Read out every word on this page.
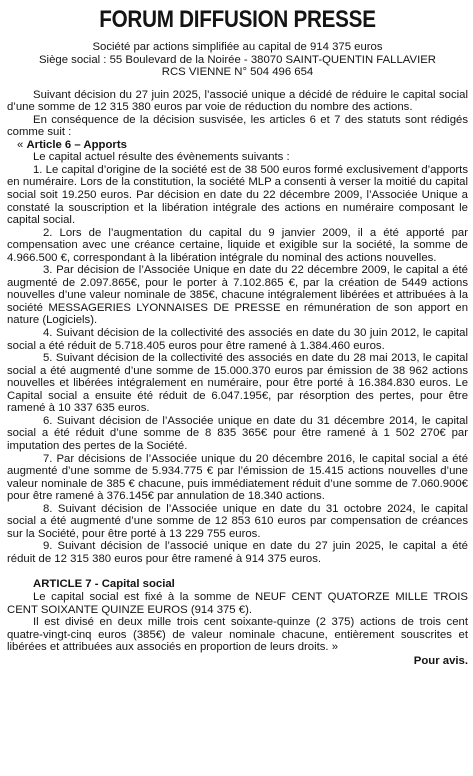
FORUM DIFFUSION PRESSE
Société par actions simplifiée au capital de 914 375 euros
Siège social : 55 Boulevard de la Noirée - 38070 SAINT-QUENTIN FALLAVIER
RCS VIENNE N° 504 496 654

Suivant décision du 27 juin 2025, l’associé unique a décidé de réduire le capital social d’une somme de 12 315 380 euros par voie de réduction du nombre des actions.

En conséquence de la décision susvisée, les articles 6 et 7 des statuts sont rédigés comme suit :

« Article 6 – Apports

Le capital actuel résulte des évènements suivants :

1. Le capital d’origine de la société est de 38 500 euros formé exclusivement d’apports en numéraire. Lors de la constitution, la société MLP a consenti à verser la moitié du capital social soit 19.250 euros. Par décision en date du 22 décembre 2009, l’Associée Unique a constaté la souscription et la libération intégrale des actions en numéraire composant le capital social.

2. Lors de l’augmentation du capital du 9 janvier 2009, il a été apporté par compensation avec une créance certaine, liquide et exigible sur la société, la somme de 4.966.500 €, correspondant à la libération intégrale du nominal des actions nouvelles.

3. Par décision de l’Associée Unique en date du 22 décembre 2009, le capital a été augmenté de 2.097.865€, pour le porter à 7.102.865 €, par la création de 5449 actions nouvelles d’une valeur nominale de 385€, chacune intégralement libérées et attribuées à la société MESSAGERIES LYONNAISES DE PRESSE en rémunération de son apport en nature (Logiciels).

4. Suivant décision de la collectivité des associés en date du 30 juin 2012, le capital social a été réduit de 5.718.405 euros pour être ramené à 1.384.460 euros.

5. Suivant décision de la collectivité des associés en date du 28 mai 2013, le capital social a été augmenté d’une somme de 15.000.370 euros par émission de 38 962 actions nouvelles et libérées intégralement en numéraire, pour être porté à 16.384.830 euros. Le Capital social a ensuite été réduit de 6.047.195€, par résorption des pertes, pour être ramené à 10 337 635 euros.

6. Suivant décision de l’Associée unique en date du 31 décembre 2014, le capital social a été réduit d’une somme de 8 835 365€ pour être ramené à 1 502 270€ par imputation des pertes de la Société.

7. Par décisions de l’Associée unique du 20 décembre 2016, le capital social a été augmenté d’une somme de 5.934.775 € par l’émission de 15.415 actions nouvelles d’une valeur nominale de 385 € chacune, puis immédiatement réduit d’une somme de 7.060.900€ pour être ramené à 376.145€ par annulation de 18.340 actions.

8. Suivant décision de l’Associée unique en date du 31 octobre 2024, le capital social a été augmenté d’une somme de 12 853 610 euros par compensation de créances sur la Société, pour être porté à 13 229 755 euros.

9. Suivant décision de l’associé unique en date du 27 juin 2025, le capital a été réduit de 12 315 380 euros pour être ramené à 914 375 euros.

ARTICLE 7 - Capital social

Le capital social est fixé à la somme de NEUF CENT QUATORZE MILLE TROIS CENT SOIXANTE QUINZE EUROS (914 375 €).

Il est divisé en deux mille trois cent soixante-quinze (2 375) actions de trois cent quatre-vingt-cinq euros (385€) de valeur nominale chacune, entièrement souscrites et libérées et attribuées aux associés en proportion de leurs droits. »

Pour avis.
